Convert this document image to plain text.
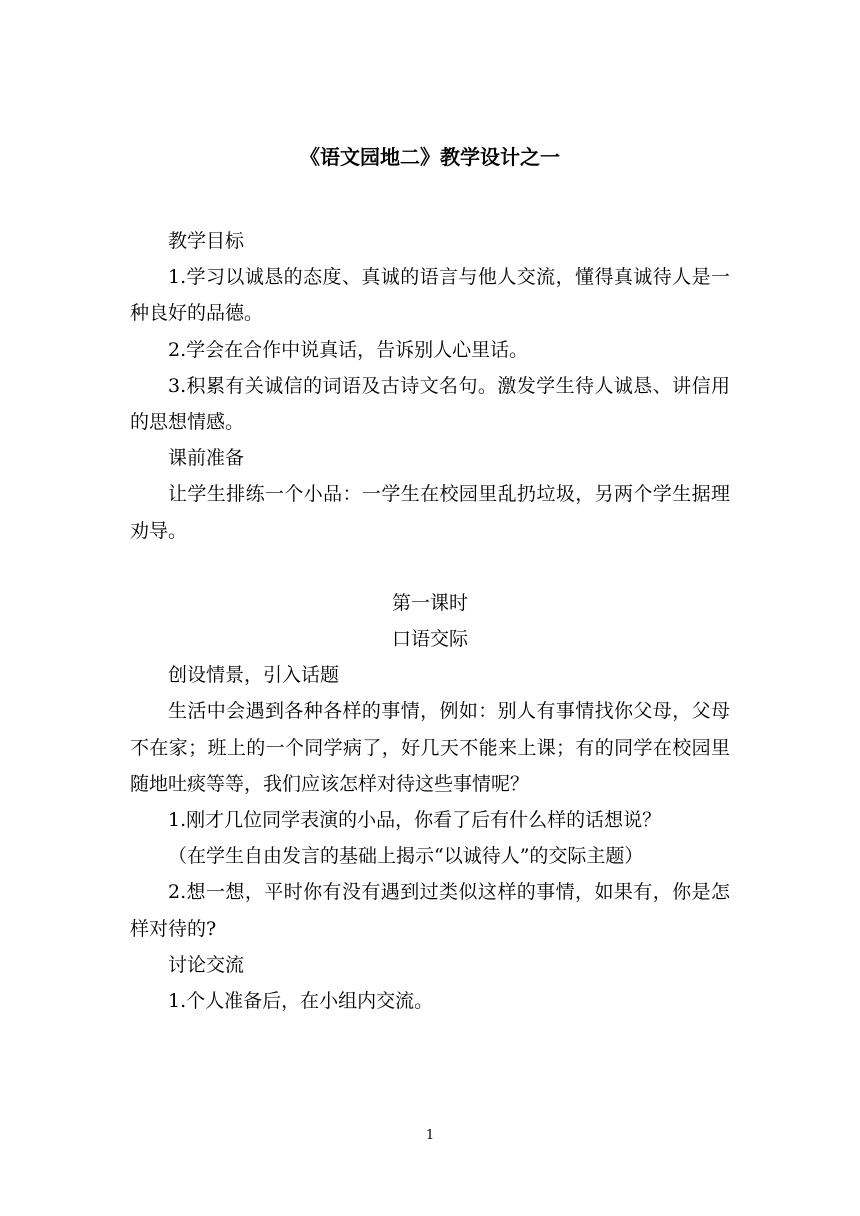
《语文园地二》教学设计之一

教学目标

1.学习以诚恳的态度、真诚的语言与他人交流，懂得真诚待人是一种良好的品德。

2.学会在合作中说真话，告诉别人心里话。

3.积累有关诚信的词语及古诗文名句。激发学生待人诚恳、讲信用的思想情感。

课前准备

让学生排练一个小品：一学生在校园里乱扔垃圾，另两个学生据理劝导。

第一课时

口语交际

创设情景，引入话题

生活中会遇到各种各样的事情，例如：别人有事情找你父母，父母不在家；班上的一个同学病了，好几天不能来上课；有的同学在校园里随地吐痰等等，我们应该怎样对待这些事情呢？

1.刚才几位同学表演的小品，你看了后有什么样的话想说？

（在学生自由发言的基础上揭示“以诚待人”的交际主题）

2.想一想，平时你有没有遇到过类似这样的事情，如果有，你是怎样对待的?

讨论交流

1.个人准备后，在小组内交流。

1
